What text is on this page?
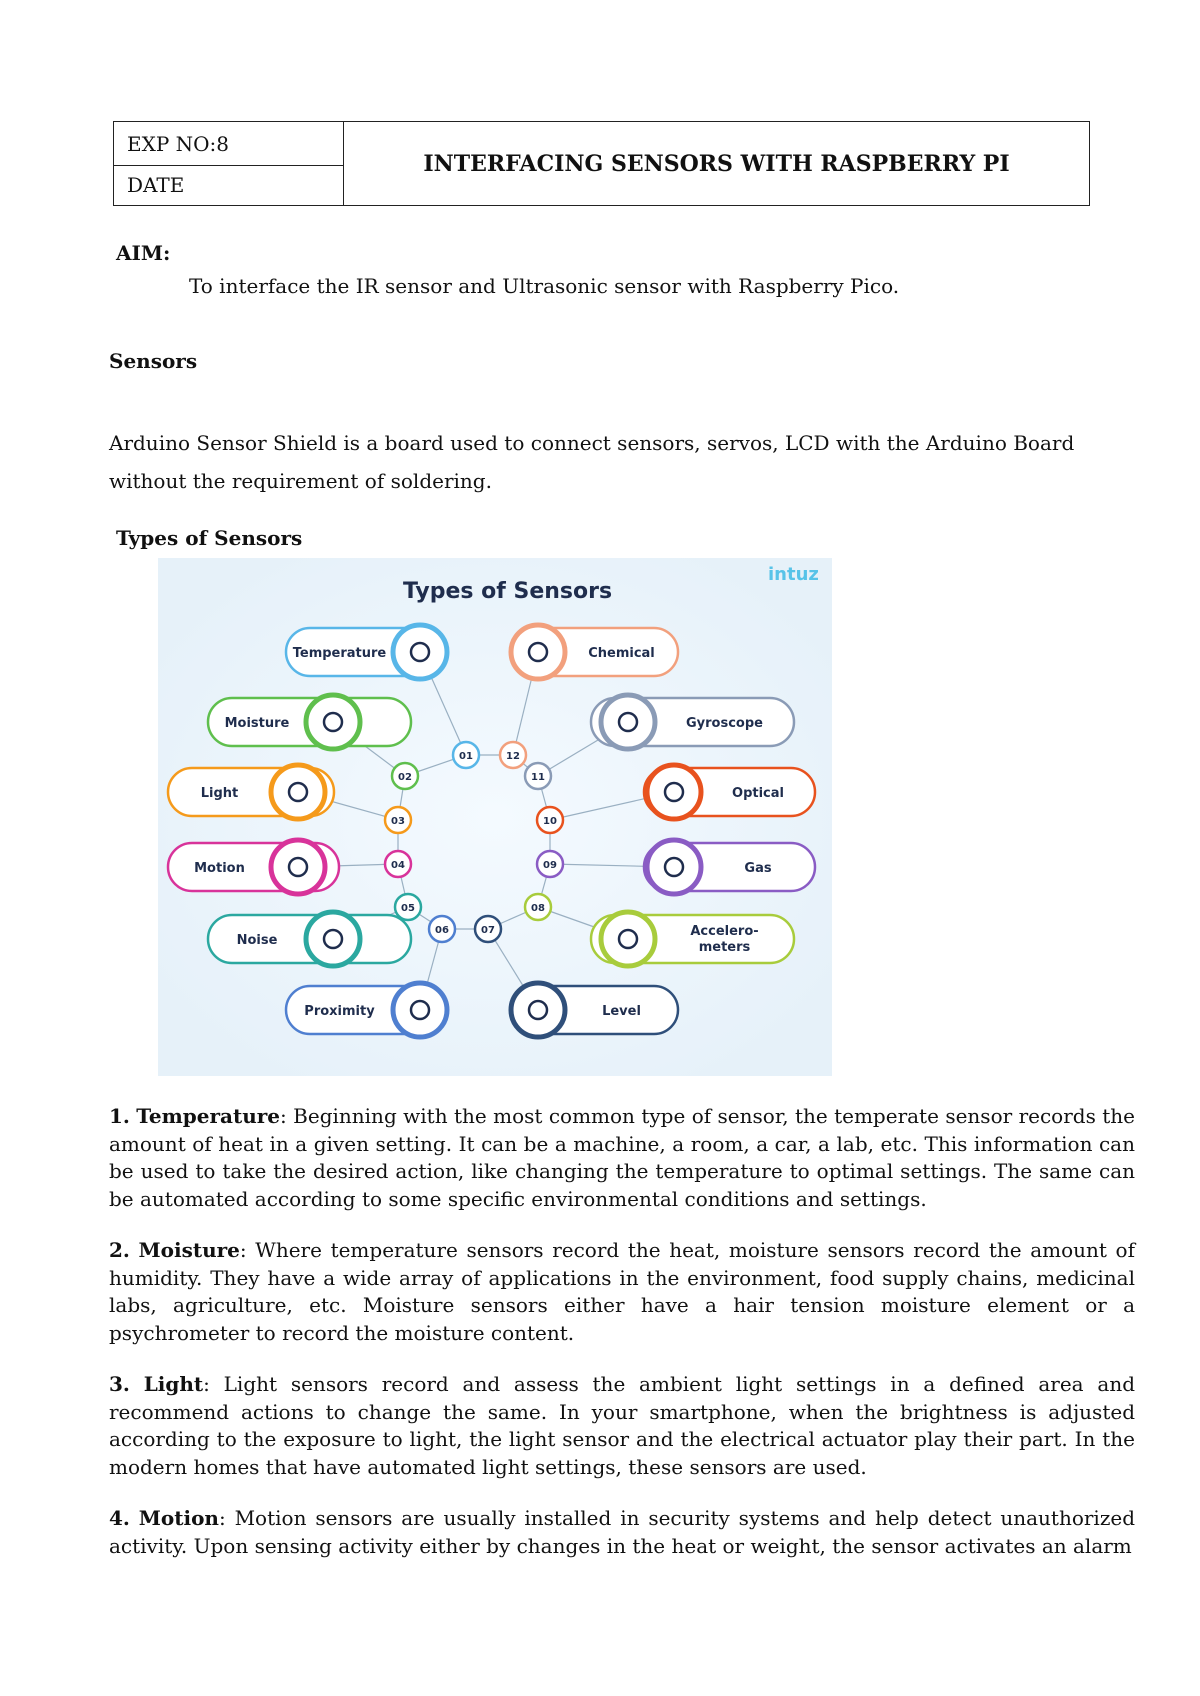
EXP NO:8
DATE
INTERFACING SENSORS WITH RASPBERRY PI
AIM:
To interface the IR sensor and Ultrasonic sensor with Raspberry Pico.
Sensors
Arduino Sensor Shield is a board used to connect sensors, servos, LCD with the Arduino Board without the requirement of soldering.
Types of Sensors
Types of Sensors
intuz
01
02
03
04
05
06	07
08
09
10
11
12
Temperature
Moisture
Light
Motion
Noise
Proximity	Level
Accelero-meters
Gas
Optical
Gyroscope
Chemical
1. Temperature: Beginning with the most common type of sensor, the temperate sensor records the amount of heat in a given setting. It can be a machine, a room, a car, a lab, etc. This information can be used to take the desired action, like changing the temperature to optimal settings. The same can be automated according to some specific environmental conditions and settings.
2. Moisture: Where temperature sensors record the heat, moisture sensors record the amount of humidity. They have a wide array of applications in the environment, food supply chains, medicinal labs, agriculture, etc. Moisture sensors either have a hair tension moisture element or a psychrometer to record the moisture content.
3. Light: Light sensors record and assess the ambient light settings in a defined area and recommend actions to change the same. In your smartphone, when the brightness is adjusted according to the exposure to light, the light sensor and the electrical actuator play their part. In the modern homes that have automated light settings, these sensors are used.
4. Motion: Motion sensors are usually installed in security systems and help detect unauthorized activity. Upon sensing activity either by changes in the heat or weight, the sensor activates an alarm
